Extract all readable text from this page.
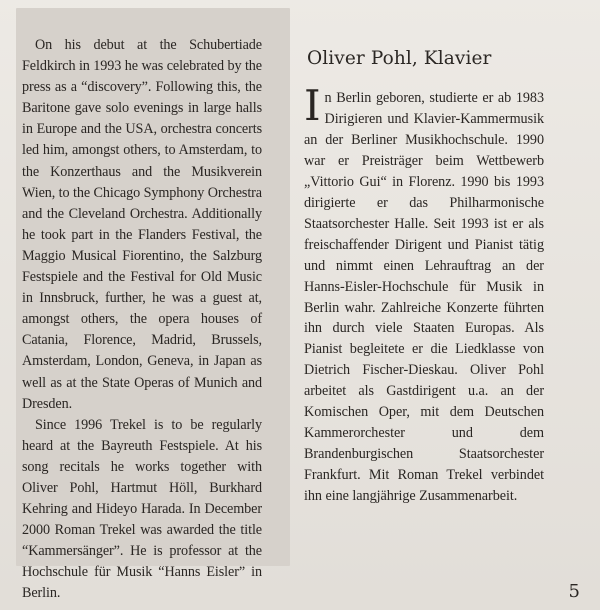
On his debut at the Schubertiade Feldkirch in 1993 he was celebrated by the press as a “discovery”. Following this, the Baritone gave solo evenings in large halls in Europe and the USA, orchestra concerts led him, amongst others, to Amsterdam, to the Konzerthaus and the Musikverein Wien, to the Chicago Symphony Orchestra and the Cleveland Orchestra. Additionally he took part in the Flanders Festival, the Maggio Musical Fiorentino, the Salzburg Festspiele and the Festival for Old Music in Innsbruck, further, he was a guest at, amongst others, the opera houses of Catania, Florence, Madrid, Brussels, Amsterdam, London, Geneva, in Japan as well as at the State Operas of Munich and Dresden.

Since 1996 Trekel is to be regularly heard at the Bayreuth Festspiele. At his song recitals he works together with Oliver Pohl, Hartmut Höll, Burkhard Kehring and Hideyo Harada. In December 2000 Roman Trekel was awarded the title “Kammersänger”. He is professor at the Hochschule für Musik “Hanns Eisler” in Berlin.

Oliver Pohl, Klavier
I n Berlin geboren, studierte er ab 1983 Dirigieren und Klavier-Kammermusik an der Berliner Musikhochschule. 1990 war er Preisträger beim Wettbewerb „Vittorio Gui“ in Florenz. 1990 bis 1993 dirigierte er das Philharmonische Staatsorchester Halle. Seit 1993 ist er als freischaffender Dirigent und Pianist tätig und nimmt einen Lehrauftrag an der Hanns-Eisler-Hochschule für Musik in Berlin wahr. Zahlreiche Konzerte führten ihn durch viele Staaten Europas. Als Pianist begleitete er die Liedklasse von Dietrich Fischer-Dieskau. Oliver Pohl arbeitet als Gastdirigent u.a. an der Komischen Oper, mit dem Deutschen Kammerorchester und dem Brandenburgischen Staatsorchester Frankfurt. Mit Roman Trekel verbindet ihn eine langjährige Zusammenarbeit.
5
